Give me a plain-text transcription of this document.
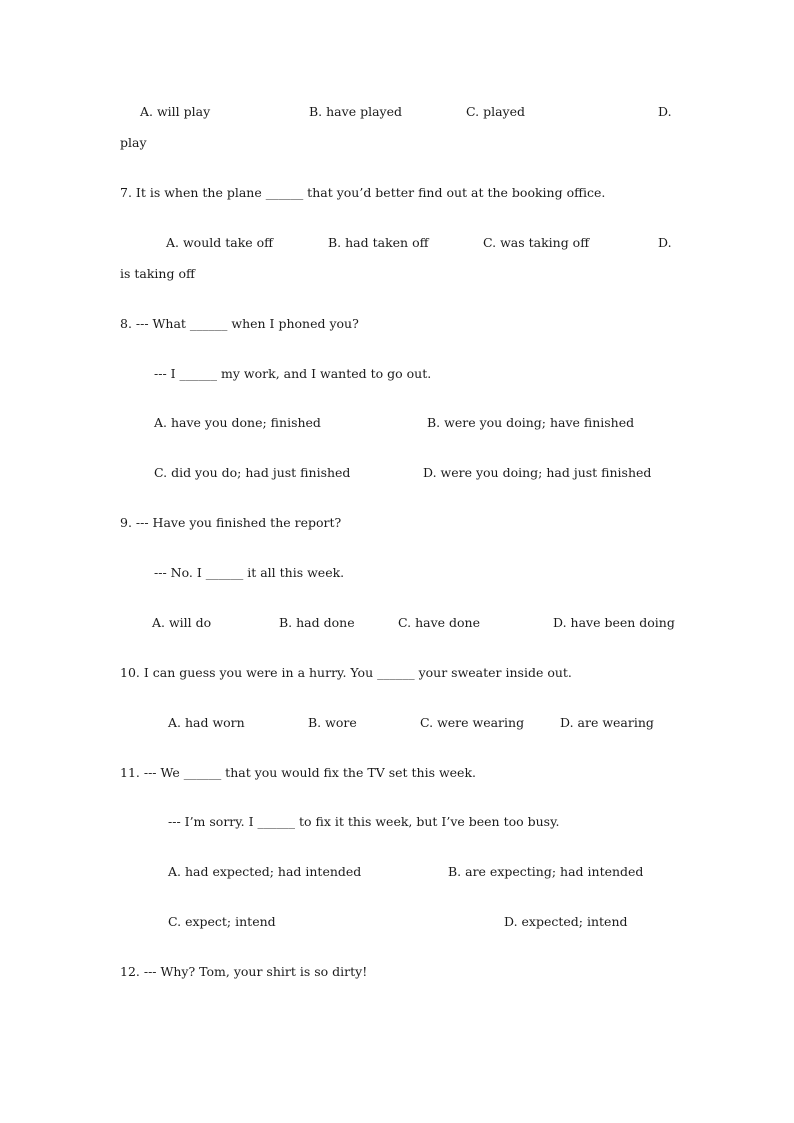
A. will play	B. have played	C. played	D.
play
7. It is when the plane ______ that you’d better find out at the booking office.
A. would take off	B. had taken off	C. was taking off	D.
is taking off
8. --- What ______ when I phoned you?
--- I ______ my work, and I wanted to go out.
A. have you done; finished	B. were you doing; have finished
C. did you do; had just finished	D. were you doing; had just finished
9. --- Have you finished the report?
--- No. I ______ it all this week.
A. will do	B. had done	C. have done	D. have been doing
10. I can guess you were in a hurry. You ______ your sweater inside out.
A. had worn	B. wore	C. were wearing	D. are wearing
11. --- We ______ that you would fix the TV set this week.
--- I’m sorry. I ______ to fix it this week, but I’ve been too busy.
A. had expected; had intended	B. are expecting; had intended
C. expect; intend	D. expected; intend
12. --- Why? Tom, your shirt is so dirty!
